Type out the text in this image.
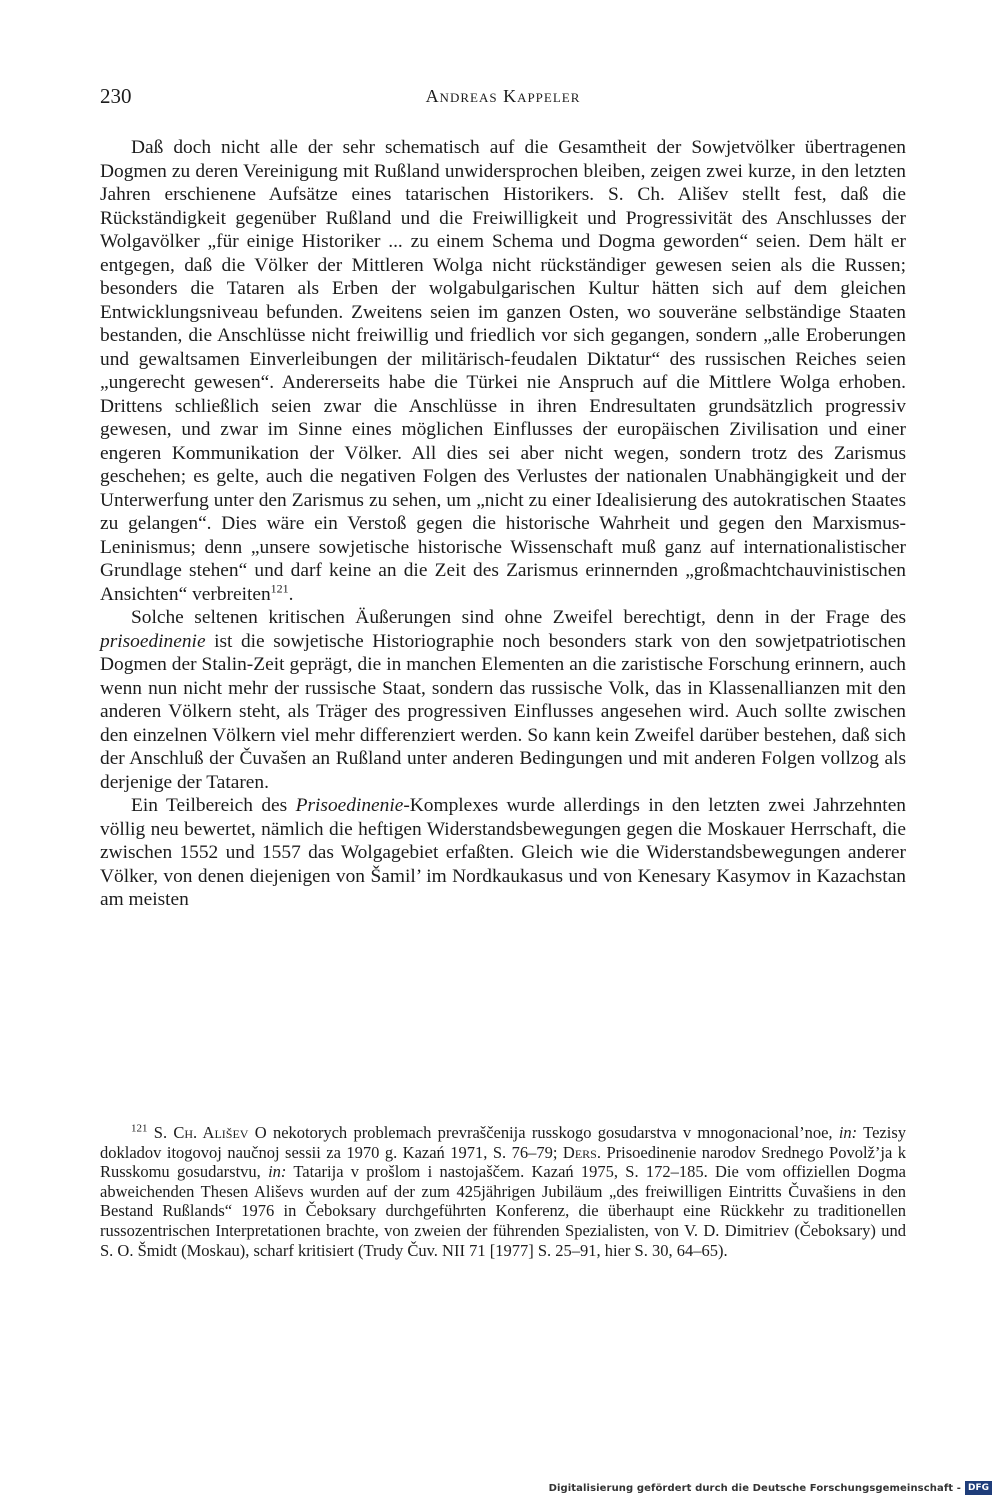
230	Andreas Kappeler

Daß doch nicht alle der sehr schematisch auf die Gesamtheit der Sowjetvölker übertragenen Dogmen zu deren Vereinigung mit Rußland unwidersprochen bleiben, zeigen zwei kurze, in den letzten Jahren erschienene Aufsätze eines tatarischen Historikers. S. Ch. Ališev stellt fest, daß die Rückständigkeit gegenüber Rußland und die Freiwilligkeit und Progressivität des Anschlusses der Wolgavölker „für einige Historiker ... zu einem Schema und Dogma geworden“ seien. Dem hält er entgegen, daß die Völker der Mittleren Wolga nicht rückständiger gewesen seien als die Russen; besonders die Tataren als Erben der wolgabulgarischen Kultur hätten sich auf dem gleichen Entwicklungsniveau befunden. Zweitens seien im ganzen Osten, wo souveräne selbständige Staaten bestanden, die Anschlüsse nicht freiwillig und friedlich vor sich gegangen, sondern „alle Eroberungen und gewaltsamen Einverleibungen der militärisch-feudalen Diktatur“ des russischen Reiches seien „ungerecht gewesen“. Andererseits habe die Türkei nie Anspruch auf die Mittlere Wolga erhoben. Drittens schließlich seien zwar die Anschlüsse in ihren Endresultaten grundsätzlich progressiv gewesen, und zwar im Sinne eines möglichen Einflusses der europäischen Zivilisation und einer engeren Kommunikation der Völker. All dies sei aber nicht wegen, sondern trotz des Zarismus geschehen; es gelte, auch die negativen Folgen des Verlustes der nationalen Unabhängigkeit und der Unterwerfung unter den Zarismus zu sehen, um „nicht zu einer Idealisierung des autokratischen Staates zu gelangen“. Dies wäre ein Verstoß gegen die historische Wahrheit und gegen den Marxismus-Leninismus; denn „unsere sowjetische historische Wissenschaft muß ganz auf internationalistischer Grundlage stehen“ und darf keine an die Zeit des Zarismus erinnernden „großmachtchauvinistischen Ansichten“ verbreiten$^{121}$.

Solche seltenen kritischen Äußerungen sind ohne Zweifel berechtigt, denn in der Frage des prisoedinenie ist die sowjetische Historiographie noch besonders stark von den sowjetpatriotischen Dogmen der Stalin-Zeit geprägt, die in manchen Elementen an die zaristische Forschung erinnern, auch wenn nun nicht mehr der russische Staat, sondern das russische Volk, das in Klassenallianzen mit den anderen Völkern steht, als Träger des progressiven Einflusses angesehen wird. Auch sollte zwischen den einzelnen Völkern viel mehr differenziert werden. So kann kein Zweifel darüber bestehen, daß sich der Anschluß der Čuvašen an Rußland unter anderen Bedingungen und mit anderen Folgen vollzog als derjenige der Tataren.

Ein Teilbereich des Prisoedinenie-Komplexes wurde allerdings in den letzten zwei Jahrzehnten völlig neu bewertet, nämlich die heftigen Widerstandsbewegungen gegen die Moskauer Herrschaft, die zwischen 1552 und 1557 das Wolgagebiet erfaßten. Gleich wie die Widerstandsbewegungen anderer Völker, von denen diejenigen von Šamil’ im Nordkaukasus und von Kenesary Kasymov in Kazachstan am meisten

$^{121}$ S. Ch. Ališev O nekotorych problemach prevraščenija russkogo gosudarstva v mnogonacional’noe, in: Tezisy dokladov itogovoj naučnoj sessii za 1970 g. Kazań 1971, S. 76–79; Ders. Prisoedinenie narodov Srednego Povolž’ja k Russkomu gosudarstvu, in: Tatarija v prošlom i nastojaščem. Kazań 1975, S. 172–185. Die vom offiziellen Dogma abweichenden Thesen Ališevs wurden auf der zum 425jährigen Jubiläum „des freiwilligen Eintritts Čuvašiens in den Bestand Rußlands“ 1976 in Čeboksary durchgeführten Konferenz, die überhaupt eine Rückkehr zu traditionellen russozentrischen Interpretationen brachte, von zweien der führenden Spezialisten, von V. D. Dimitriev (Čeboksary) und S. O. Šmidt (Moskau), scharf kritisiert (Trudy Čuv. NII 71 [1977] S. 25–91, hier S. 30, 64–65).

Digitalisierung gefördert durch die Deutsche Forschungsgemeinschaft - DFG
